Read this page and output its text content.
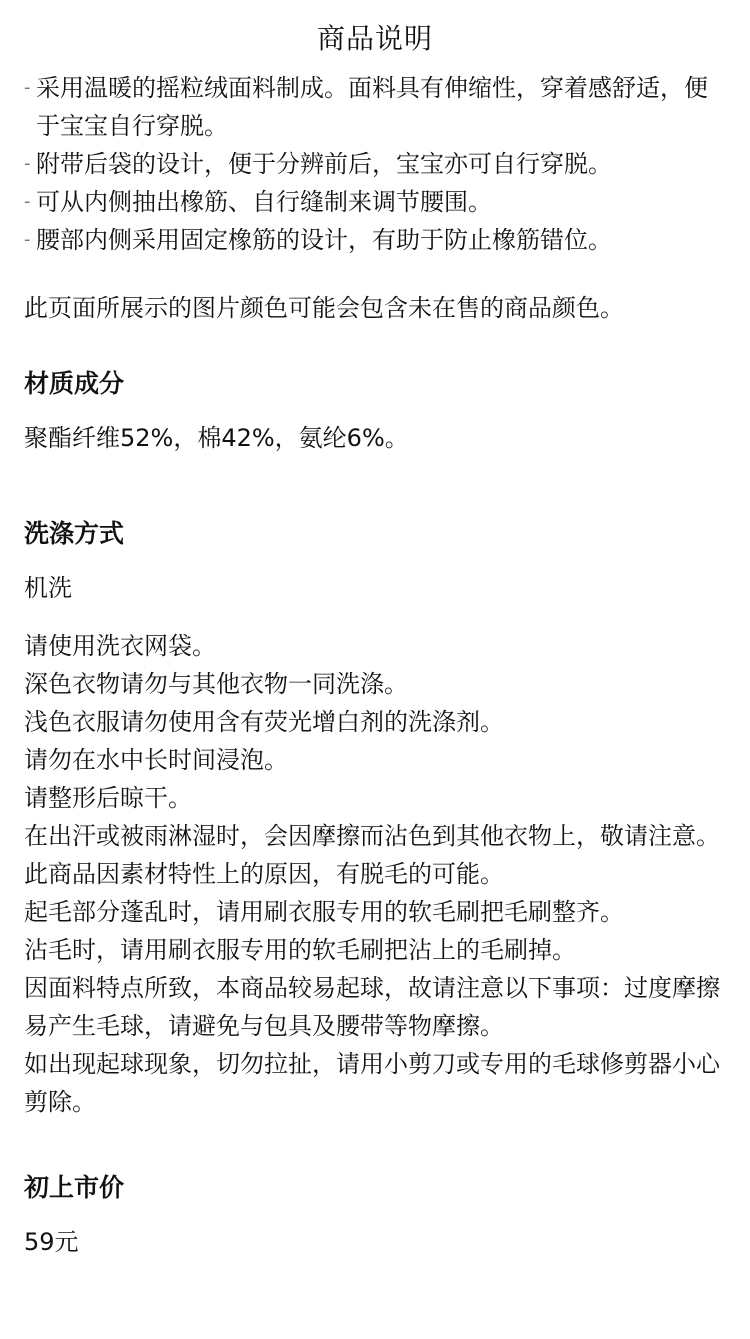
商品说明
- 采用温暖的摇粒绒面料制成。面料具有伸缩性，穿着感舒适，便于宝宝自行穿脱。
- 附带后袋的设计，便于分辨前后，宝宝亦可自行穿脱。
- 可从内侧抽出橡筋、自行缝制来调节腰围。
- 腰部内侧采用固定橡筋的设计，有助于防止橡筋错位。

此页面所展示的图片颜色可能会包含未在售的商品颜色。

材质成分

聚酯纤维52%，棉42%，氨纶6%。

洗涤方式

机洗

请使用洗衣网袋。
深色衣物请勿与其他衣物一同洗涤。
浅色衣服请勿使用含有荧光增白剂的洗涤剂。
请勿在水中长时间浸泡。
请整形后晾干。
在出汗或被雨淋湿时，会因摩擦而沾色到其他衣物上，敬请注意。
此商品因素材特性上的原因，有脱毛的可能。
起毛部分蓬乱时，请用刷衣服专用的软毛刷把毛刷整齐。
沾毛时，请用刷衣服专用的软毛刷把沾上的毛刷掉。
因面料特点所致，本商品较易起球，故请注意以下事项：过度摩擦易产生毛球，请避免与包具及腰带等物摩擦。
如出现起球现象，切勿拉扯，请用小剪刀或专用的毛球修剪器小心剪除。
初上市价

59元
